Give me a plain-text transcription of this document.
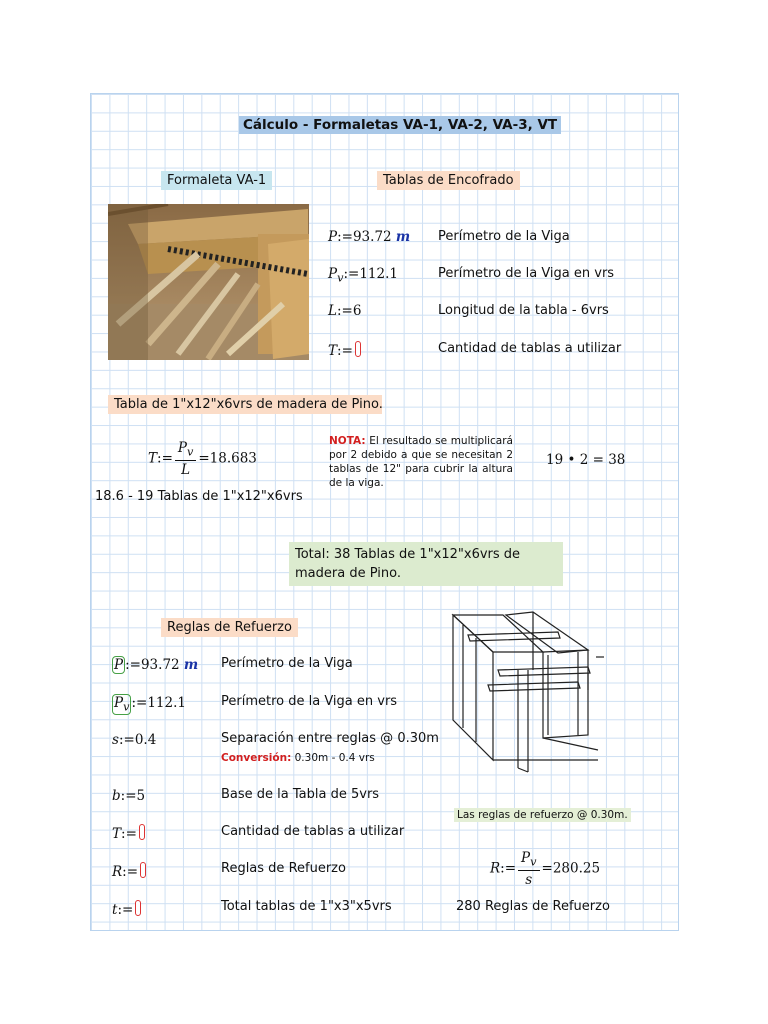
Cálculo - Formaletas VA-1, VA-2, VA-3, VT
Formaleta VA-1	Tablas de Encofrado
P:=93.72 m Perímetro de la Viga
$P_v:=112.1$	Perímetro de la Viga en vrs
L:=6	Longitud de la tabla - 6vrs
T:=	Cantidad de tablas a utilizar
Tabla de 1"x12"x6vrs de madera de Pino.
T:= $\frac{P_v}{L} =18.683$
NOTA: El resultado se multiplicará por 2 debido a que se necesitan 2 tablas de 12" para cubrir la altura de la viga.
19 • 2 = 38
18.6 - 19 Tablas de 1"x12"x6vrs
Total: 38 Tablas de 1"x12"x6vrs de madera de Pino.
Reglas de Refuerzo
P :=93.72 m Perímetro de la Viga
$P_v$ :=112.1	Perímetro de la Viga en vrs
s:=0.4	Separación entre reglas @ 0.30m
Conversión: 0.30m - 0.4 vrs
b:=5	Base de la Tabla de 5vrs
Las reglas de refuerzo @ 0.30m.
T:=	Cantidad de tablas a utilizar
R:=	Reglas de Refuerzo	R:= $\frac{P_v}{s} =280.25$
t:=	Total tablas de 1"x3"x5vrs	280 Reglas de Refuerzo
